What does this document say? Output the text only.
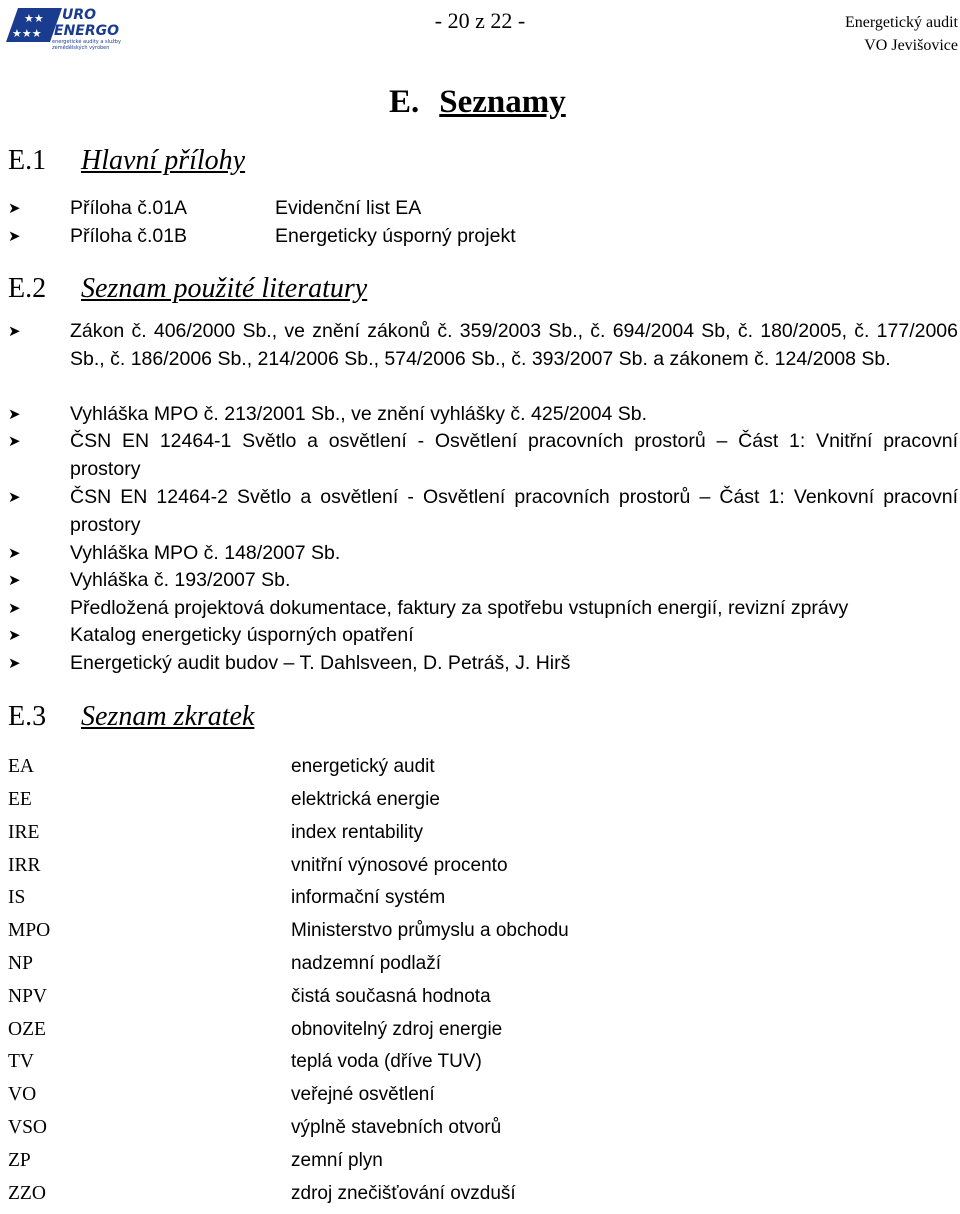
★★
★★★
URO
ENERGO
energetické audity a služby
zemědělských výroben
- 20 z 22 -	Energetický audit
VO Jevišovice
E. Seznamy
E.1 Hlavní přílohy
➤	Příloha č.01A	Evidenční list EA
➤	Příloha č.01B	Energeticky úsporný projekt
E.2 Seznam použité literatury
➤	Zákon č. 406/2000 Sb., ve znění zákonů č. 359/2003 Sb., č. 694/2004 Sb, č. 180/2005, č. 177/2006 Sb., č. 186/2006 Sb., 214/2006 Sb., 574/2006 Sb., č. 393/2007 Sb. a zákonem č. 124/2008 Sb.
➤	Vyhláška MPO č. 213/2001 Sb., ve znění vyhlášky č. 425/2004 Sb.
➤	ČSN EN 12464-1 Světlo a osvětlení - Osvětlení pracovních prostorů – Část 1: Vnitřní pracovní prostory
➤	ČSN EN 12464-2 Světlo a osvětlení - Osvětlení pracovních prostorů – Část 1: Venkovní pracovní prostory
➤	Vyhláška MPO č. 148/2007 Sb.
➤	Vyhláška č. 193/2007 Sb.
➤	Předložená projektová dokumentace, faktury za spotřebu vstupních energií, revizní zprávy
➤	Katalog energeticky úsporných opatření
➤	Energetický audit budov – T. Dahlsveen, D. Petráš, J. Hirš
E.3 Seznam zkratek
EA	energetický audit
EE	elektrická energie
IRE	index rentability
IRR	vnitřní výnosové procento
IS	informační systém
MPO	Ministerstvo průmyslu a obchodu
NP	nadzemní podlaží
NPV	čistá současná hodnota
OZE	obnovitelný zdroj energie
TV	teplá voda (dříve TUV)
VO	veřejné osvětlení
VSO	výplně stavebních otvorů
ZP	zemní plyn
ZZO	zdroj znečišťování ovzduší
